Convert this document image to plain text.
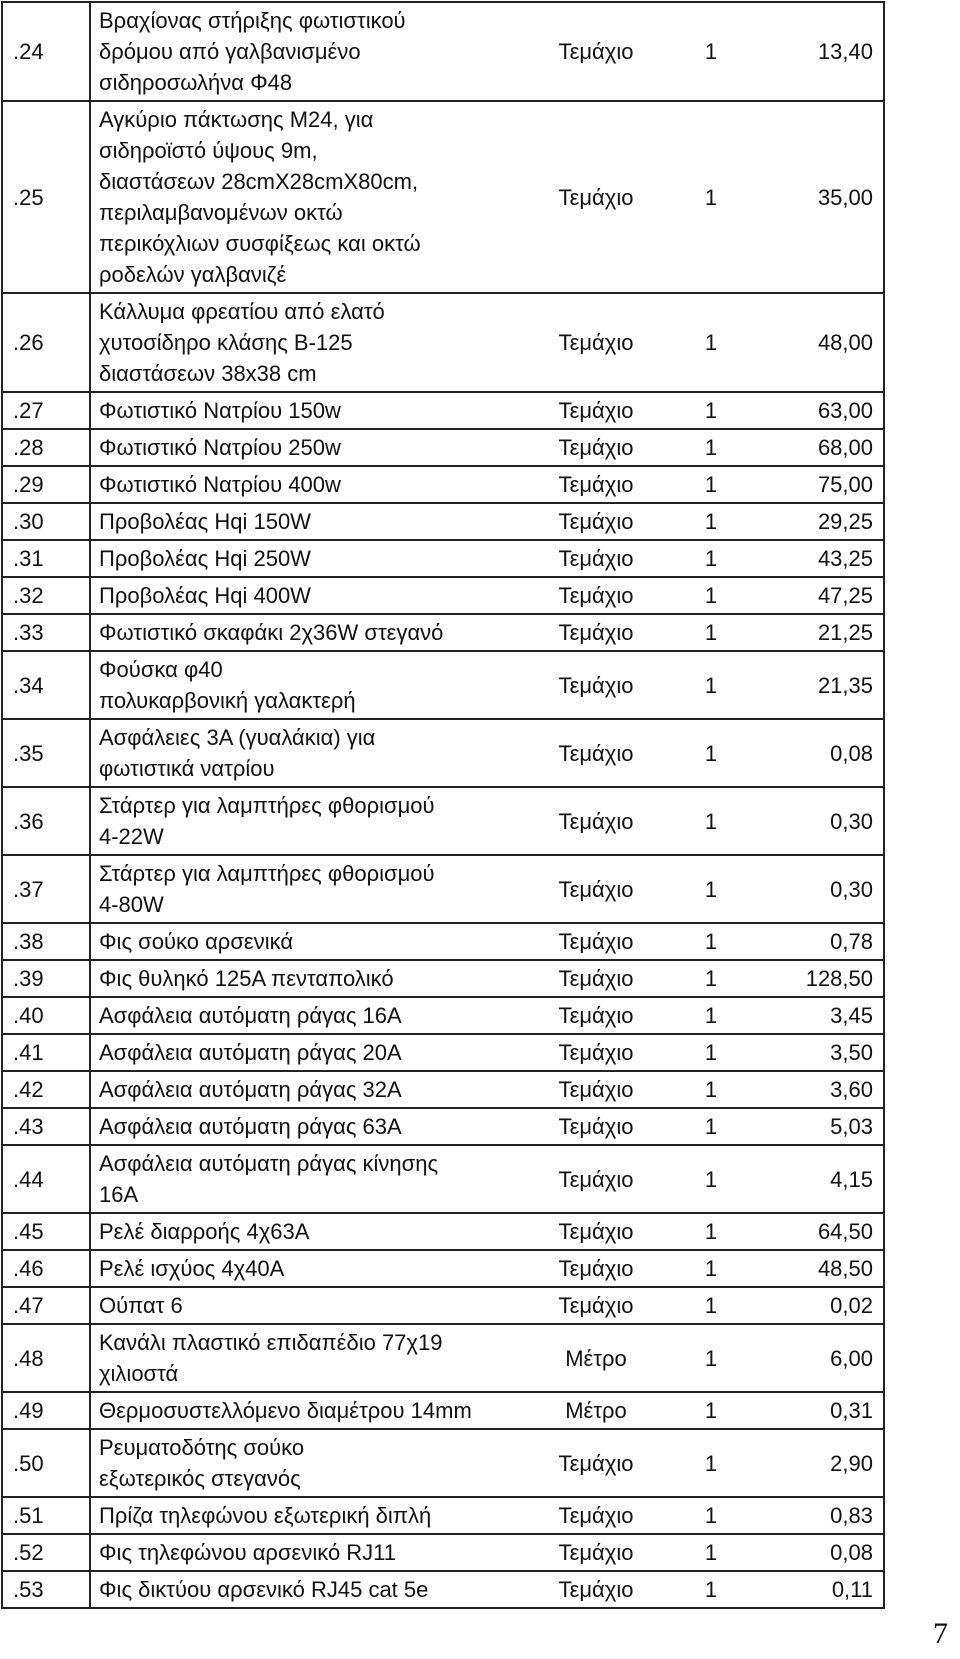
.24	Βραχίονας στήριξης φωτιστικού δρόμου από γαλβανισμένο σιδηροσωλήνα Φ48	Τεμάχιο	1	13,40
.25	Αγκύριο πάκτωσης Μ24, για σιδηροϊστό ύψους 9m, διαστάσεων 28cmX28cmX80cm, περιλαμβανομένων οκτώ περικόχλιων συσφίξεως και οκτώ ροδελών γαλβανιζέ	Τεμάχιο	1	35,00
.26	Κάλλυμα φρεατίου από ελατό χυτοσίδηρο κλάσης Β-125 διαστάσεων 38x38 cm	Τεμάχιο	1	48,00
.27	Φωτιστικό Νατρίου 150w	Τεμάχιο	1	63,00
.28	Φωτιστικό Νατρίου 250w	Τεμάχιο	1	68,00
.29	Φωτιστικό Νατρίου 400w	Τεμάχιο	1	75,00
.30	Προβολέας Hqi 150W	Τεμάχιο	1	29,25
.31	Προβολέας Hqi 250W	Τεμάχιο	1	43,25
.32	Προβολέας Hqi 400W	Τεμάχιο	1	47,25
.33	Φωτιστικό σκαφάκι 2χ36W στεγανό	Τεμάχιο	1	21,25
.34	Φούσκα φ40 πολυκαρβονική γαλακτερή	Τεμάχιο	1	21,35
.35	Ασφάλειες 3Α (γυαλάκια) για φωτιστικά νατρίου	Τεμάχιο	1	0,08
.36	Στάρτερ για λαμπτήρες φθορισμού 4-22W	Τεμάχιο	1	0,30
.37	Στάρτερ για λαμπτήρες φθορισμού 4-80W	Τεμάχιο	1	0,30
.38	Φις σούκο αρσενικά	Τεμάχιο	1	0,78
.39	Φις θυληκό 125Α πενταπολικό	Τεμάχιο	1	128,50
.40	Ασφάλεια αυτόματη ράγας 16Α	Τεμάχιο	1	3,45
.41	Ασφάλεια αυτόματη ράγας 20Α	Τεμάχιο	1	3,50
.42	Ασφάλεια αυτόματη ράγας 32Α	Τεμάχιο	1	3,60
.43	Ασφάλεια αυτόματη ράγας 63Α	Τεμάχιο	1	5,03
.44	Ασφάλεια αυτόματη ράγας κίνησης 16Α	Τεμάχιο	1	4,15
.45	Ρελέ διαρροής 4χ63Α	Τεμάχιο	1	64,50
.46	Ρελέ ισχύος 4χ40Α	Τεμάχιο	1	48,50
.47	Ούπατ 6	Τεμάχιο	1	0,02
.48	Κανάλι πλαστικό επιδαπέδιο 77χ19 χιλιοστά	Μέτρο	1	6,00
.49	Θερμοσυστελλόμενο διαμέτρου 14mm	Μέτρο	1	0,31
.50	Ρευματοδότης σούκο εξωτερικός στεγανός	Τεμάχιο	1	2,90
.51	Πρίζα τηλεφώνου εξωτερική διπλή	Τεμάχιο	1	0,83
.52	Φις τηλεφώνου αρσενικό RJ11	Τεμάχιο	1	0,08
.53	Φις δικτύου αρσενικό RJ45 cat 5e	Τεμάχιο	1	0,11
7
